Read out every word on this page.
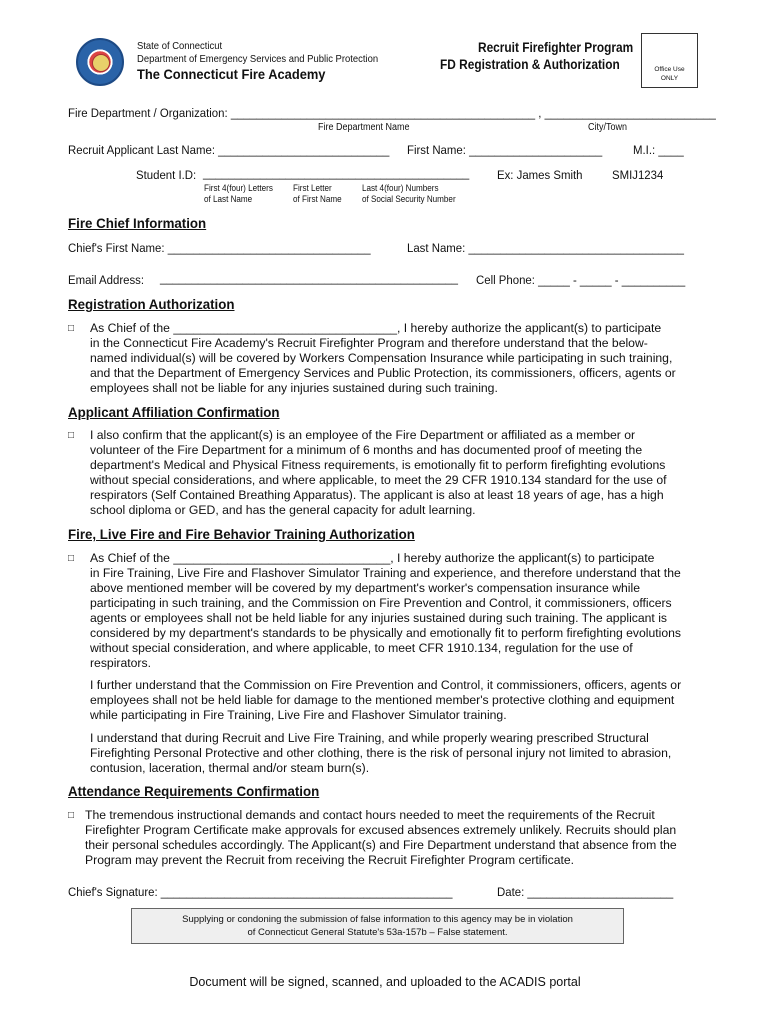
State of Connecticut
Department of Emergency Services and Public Protection
The Connecticut Fire Academy
Recruit Firefighter Program
FD Registration & Authorization	Office Use
ONLY
Fire Department / Organization: ________________________________________________ , ___________________________
Fire Department Name	City/Town
Recruit Applicant Last Name: ___________________________ First Name: _____________________ M.I.: ____
Student I.D: __________________________________________ Ex: James Smith SMIJ1234
First 4(four) Letters
of Last Name
First Letter
of First Name
Last 4(four) Numbers
of Social Security Number
Fire Chief Information
Chief's First Name: ________________________________	Last Name: __________________________________
Email Address: _______________________________________________ Cell Phone: _____ - _____ - __________
Registration Authorization
□ As Chief of the _________________________________, I hereby authorize the applicant(s) to participate
in the Connecticut Fire Academy's Recruit Firefighter Program and therefore understand that the below-
named individual(s) will be covered by Workers Compensation Insurance while participating in such training,
and that the Department of Emergency Services and Public Protection, its commissioners, officers, agents or
employees shall not be liable for any injuries sustained during such training.
Applicant Affiliation Confirmation
□ I also confirm that the applicant(s) is an employee of the Fire Department or affiliated as a member or
volunteer of the Fire Department for a minimum of 6 months and has documented proof of meeting the
department's Medical and Physical Fitness requirements, is emotionally fit to perform firefighting evolutions
without special considerations, and where applicable, to meet the 29 CFR 1910.134 standard for the use of
respirators (Self Contained Breathing Apparatus). The applicant is also at least 18 years of age, has a high
school diploma or GED, and has the general capacity for adult learning.
Fire, Live Fire and Fire Behavior Training Authorization
□ As Chief of the ________________________________, I hereby authorize the applicant(s) to participate
in Fire Training, Live Fire and Flashover Simulator Training and experience, and therefore understand that the
above mentioned member will be covered by my department's worker's compensation insurance while
participating in such training, and the Commission on Fire Prevention and Control, it commissioners, officers
agents or employees shall not be held liable for any injuries sustained during such training. The applicant is
considered by my department's standards to be physically and emotionally fit to perform firefighting evolutions
without special consideration, and where applicable, to meet CFR 1910.134, regulation for the use of
respirators.
I further understand that the Commission on Fire Prevention and Control, it commissioners, officers, agents or
employees shall not be held liable for damage to the mentioned member's protective clothing and equipment
while participating in Fire Training, Live Fire and Flashover Simulator training.
I understand that during Recruit and Live Fire Training, and while properly wearing prescribed Structural
Firefighting Personal Protective and other clothing, there is the risk of personal injury not limited to abrasion,
contusion, laceration, thermal and/or steam burn(s).
Attendance Requirements Confirmation
□ The tremendous instructional demands and contact hours needed to meet the requirements of the Recruit
Firefighter Program Certificate make approvals for excused absences extremely unlikely. Recruits should plan
their personal schedules accordingly. The Applicant(s) and Fire Department understand that absence from the
Program may prevent the Recruit from receiving the Recruit Firefighter Program certificate.
Chief's Signature: ______________________________________________	Date: _______________________
Supplying or condoning the submission of false information to this agency may be in violation
of Connecticut General Statute's 53a-157b – False statement.
Document will be signed, scanned, and uploaded to the ACADIS portal
